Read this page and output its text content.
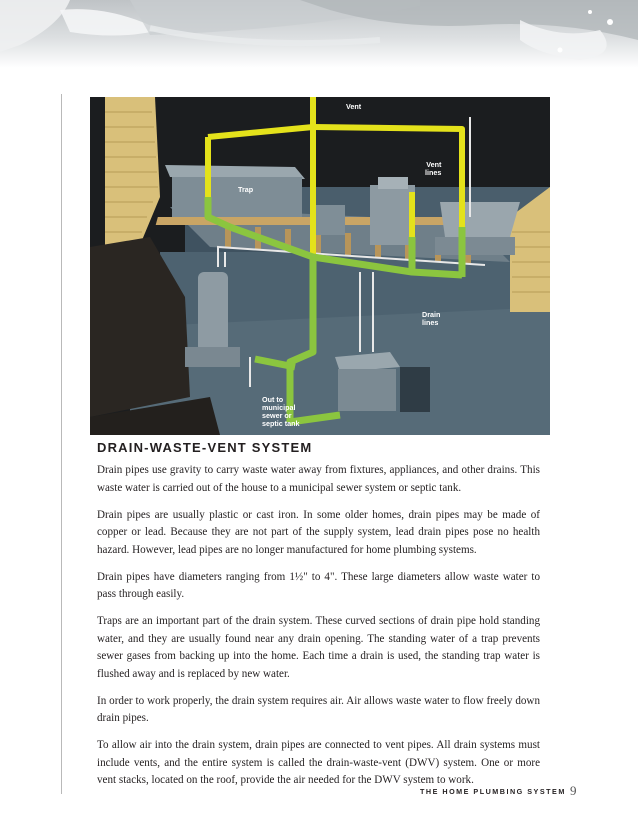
Vent
Vent
lines
Trap
Drain
lines
Out to
municipal
sewer or
septic tank
DRAIN-WASTE-VENT SYSTEM

Drain pipes use gravity to carry waste water away from fixtures, appliances, and other drains. This waste water is carried out of the house to a municipal sewer system or septic tank.

Drain pipes are usually plastic or cast iron. In some older homes, drain pipes may be made of copper or lead. Because they are not part of the supply system, lead drain pipes pose no health hazard. However, lead pipes are no longer manufactured for home plumbing systems.

Drain pipes have diameters ranging from 1½" to 4". These large diameters allow waste water to pass through easily.

Traps are an important part of the drain system. These curved sections of drain pipe hold standing water, and they are usually found near any drain opening. The standing water of a trap prevents sewer gases from backing up into the home. Each time a drain is used, the standing trap water is flushed away and is replaced by new water.

In order to work properly, the drain system requires air. Air allows waste water to flow freely down drain pipes.

To allow air into the drain system, drain pipes are connected to vent pipes. All drain systems must include vents, and the entire system is called the drain-waste-vent (DWV) system. One or more vent stacks, located on the roof, provide the air needed for the DWV system to work.

THE HOME PLUMBING SYSTEM 9
